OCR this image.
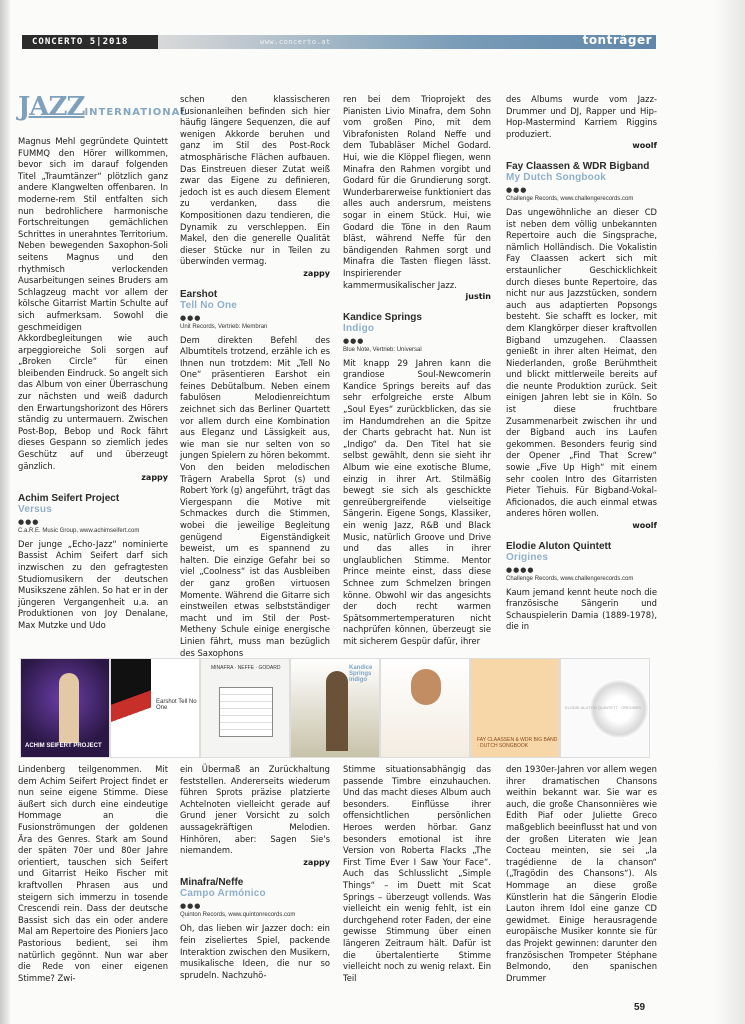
CONCERTO 5|2018	www.concerto.at	tonträger
JAZZINTERNATIONAL

Magnus Mehl gegründete Quintett FUMMQ den Hörer willkommen, bevor sich im darauf folgenden Titel „Traumtänzer“ plötzlich ganz andere Klangwelten offenbaren. In moderne-rem Stil entfalten sich nun bedrohlichere harmonische Fortschreitungen gemächlichen Schrittes in unerahntes Territorium. Neben bewegenden Saxophon-Soli seitens Magnus und den rhythmisch verlockenden Ausarbeitungen seines Bruders am Schlagzeug macht vor allem der kölsche Gitarrist Martin Schulte auf sich aufmerksam. Sowohl die geschmeidigen Akkordbegleitungen wie auch arpeggioreiche Soli sorgen auf „Broken Circle“ für einen bleibenden Eindruck. So angelt sich das Album von einer Überraschung zur nächsten und weiß dadurch den Erwartungshorizont des Hörers ständig zu untermauern. Zwischen Post-Bop, Bebop und Rock fährt dieses Gespann so ziemlich jedes Geschütz auf und überzeugt gänzlich.

zappy
Achim Seifert Project
Versus
●●●
C.a.R.E. Music Group, www.achimseifert.com

Der junge „Echo-Jazz“ nominierte Bassist Achim Seifert darf sich inzwischen zu den gefragtesten Studiomusikern der deutschen Musikszene zählen. So hat er in der jüngeren Vergangenheit u.a. an Produktionen von Joy Denalane, Max Mutzke und Udo

schen den klassischeren Fusionanleihen befinden sich hier häufig längere Sequenzen, die auf wenigen Akkorde beruhen und ganz im Stil des Post-Rock atmosphärische Flächen aufbauen. Das Einstreuen dieser Zutat weiß zwar das Eigene zu definieren, jedoch ist es auch diesem Element zu verdanken, dass die Kompositionen dazu tendieren, die Dynamik zu verschleppen. Ein Makel, den die generelle Qualität dieser Stücke nur in Teilen zu überwinden vermag.

zappy
Earshot
Tell No One
●●●
Unit Records, Vertrieb: Membran

Dem direkten Befehl des Albumtitels trotzend, erzähle ich es Ihnen nun trotzdem: Mit „Tell No One“ präsentieren Earshot ein feines Debütalbum. Neben einem fabulösen Melodienreichtum zeichnet sich das Berliner Quartett vor allem durch eine Kombination aus Eleganz und Lässigkeit aus, wie man sie nur selten von so jungen Spielern zu hören bekommt. Von den beiden melodischen Trägern Arabella Sprot (s) und Robert York (g) angeführt, trägt das Viergespann die Motive mit Schmackes durch die Stimmen, wobei die jeweilige Begleitung genügend Eigenständigkeit beweist, um es spannend zu halten. Die einzige Gefahr bei so viel „Coolness“ ist das Ausbleiben der ganz großen virtuosen Momente. Während die Gitarre sich einstweilen etwas selbstständiger macht und im Stil der Post-Metheny Schule einige energische Linien fährt, muss man bezüglich des Saxophons

ren bei dem Trioprojekt des Pianisten Livio Minafra, dem Sohn vom großen Pino, mit dem Vibrafonisten Roland Neffe und dem Tubabläser Michel Godard. Hui, wie die Klöppel fliegen, wenn Minafra den Rahmen vorgibt und Godard für die Grundierung sorgt. Wunderbarerweise funktioniert das alles auch andersrum, meistens sogar in einem Stück. Hui, wie Godard die Töne in den Raum bläst, während Neffe für den bändigenden Rahmen sorgt und Minafra die Tasten fliegen lässt. Inspirierender kammermusikalischer Jazz.

justin
Kandice Springs
Indigo
●●●
Blue Note, Vertrieb: Universal

Mit knapp 29 Jahren kann die grandiose Soul-Newcomerin Kandice Springs bereits auf das sehr erfolgreiche erste Album „Soul Eyes“ zurückblicken, das sie im Handumdrehen an die Spitze der Charts gebracht hat. Nun ist „Indigo“ da. Den Titel hat sie selbst gewählt, denn sie sieht ihr Album wie eine exotische Blume, einzig in ihrer Art. Stilmäßig bewegt sie sich als geschickte genreübergreifende vielseitige Sängerin. Eigene Songs, Klassiker, ein wenig Jazz, R&B und Black Music, natürlich Groove und Drive und das alles in ihrer unglaublichen Stimme. Mentor Prince meinte einst, dass diese Schnee zum Schmelzen bringen könne. Obwohl wir das angesichts der doch recht warmen Spätsommertemperaturen nicht nachprüfen können, überzeugt sie mit sicherem Gespür dafür, ihrer

des Albums wurde vom Jazz-Drummer und DJ, Rapper und Hip-Hop-Mastermind Karriem Riggins produziert.

woolf
Fay Claassen & WDR Bigband
My Dutch Songbook
●●●
Challenge Records, www.challengerecords.com

Das ungewöhnliche an dieser CD ist neben dem völlig unbekannten Repertoire auch die Singsprache, nämlich Holländisch. Die Vokalistin Fay Claassen ackert sich mit erstaunlicher Geschicklichkeit durch dieses bunte Repertoire, das nicht nur aus Jazzstücken, sondern auch aus adaptierten Popsongs besteht. Sie schafft es locker, mit dem Klangkörper dieser kraftvollen Bigband umzugehen. Claassen genießt in ihrer alten Heimat, den Niederlanden, große Berühmtheit und blickt mittlerweile bereits auf die neunte Produktion zurück. Seit einigen Jahren lebt sie in Köln. So ist diese fruchtbare Zusammenarbeit zwischen ihr und der Bigband auch ins Laufen gekommen. Besonders feurig sind der Opener „Find That Screw“ sowie „Five Up High“ mit einem sehr coolen Intro des Gitarristen Pieter Tiehuis. Für Bigband-Vokal-Aficionados, die auch einmal etwas anderes hören wollen.

woolf
Elodie Aluton Quintett
Origines
●●●●
Challenge Records, www.challengerecords.com

Kaum jemand kennt heute noch die französische Sängerin und Schauspielerin Damia (1889-1978), die in

ACHIM SEIFERT PROJECT
Earshot Tell No One
MINAFRA · NEFFE · GODARD	Kandice Springs indigo
FAY CLAASSEN & WDR BIG BAND · DUTCH SONGBOOK
ELODIE ALUTON QUINTETT · ORIGINES

Lindenberg teilgenommen. Mit dem Achim Seifert Project findet er nun seine eigene Stimme. Diese äußert sich durch eine eindeutige Hommage an die Fusionströmungen der goldenen Ära des Genres. Stark am Sound der späten 70er und 80er Jahre orientiert, tauschen sich Seifert und Gitarrist Heiko Fischer mit kraftvollen Phrasen aus und steigern sich immerzu in tosende Crescendi rein. Dass der deutsche Bassist sich das ein oder andere Mal am Repertoire des Pioniers Jaco Pastorious bedient, sei ihm natürlich gegönnt. Nun war aber die Rede von einer eigenen Stimme? Zwi-

ein Übermaß an Zurückhaltung feststellen. Andererseits wiederum führen Sprots präzise platzierte Achtelnoten vielleicht gerade auf Grund jener Vorsicht zu solch aussagekräftigen Melodien. Hinhören, aber: Sagen Sie's niemandem.

zappy
Minafra/Neffe
Campo Armónico
●●●
Quinton Records, www.quintonrecords.com

Oh, das lieben wir Jazzer doch: ein fein ziseliertes Spiel, packende Interaktion zwischen den Musikern, musikalische Ideen, die nur so sprudeln. Nachzuhö-

Stimme situationsabhängig das passende Timbre einzuhauchen. Und das macht dieses Album auch besonders. Einflüsse ihrer offensichtlichen persönlichen Heroes werden hörbar. Ganz besonders emotional ist ihre Version von Roberta Flacks „The First Time Ever I Saw Your Face“. Auch das Schlusslicht „Simple Things“ – im Duett mit Scat Springs – überzeugt vollends. Was vielleicht ein wenig fehlt, ist ein durchgehend roter Faden, der eine gewisse Stimmung über einen längeren Zeitraum hält. Dafür ist die übertalentierte Stimme vielleicht noch zu wenig relaxt. Ein Teil

den 1930er-Jahren vor allem wegen ihrer dramatischen Chansons weithin bekannt war. Sie war es auch, die große Chansonnières wie Edith Piaf oder Juliette Greco maßgeblich beeinflusst hat und von der großen Literaten wie Jean Cocteau meinten, sie sei „la tragédienne de la chanson“ („Tragödin des Chansons“). Als Hommage an diese große Künstlerin hat die Sängerin Elodie Lauton ihrem Idol eine ganze CD gewidmet. Einige herausragende europäische Musiker konnte sie für das Projekt gewinnen: darunter den französischen Trompeter Stéphane Belmondo, den spanischen Drummer

59
